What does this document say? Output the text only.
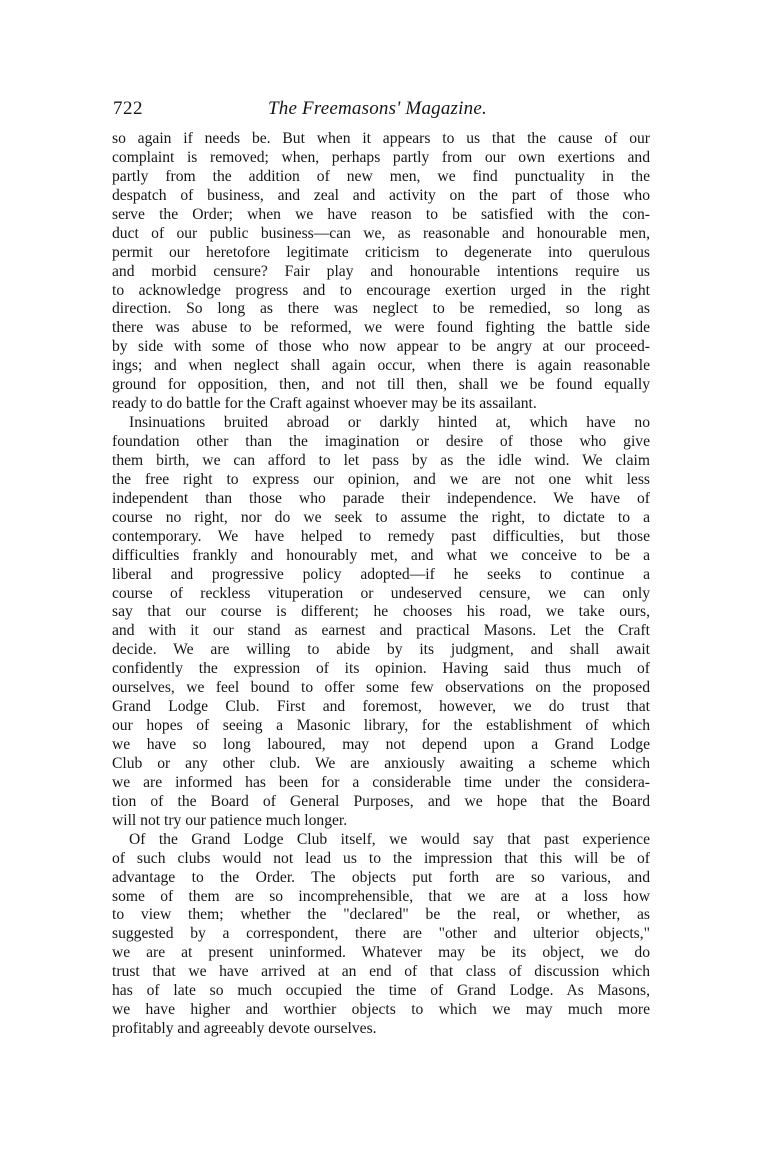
722	The Freemasons' Magazine.
so again if needs be. But when it appears to us that the cause of our
complaint is removed; when, perhaps partly from our own exertions and
partly from the addition of new men, we find punctuality in the
despatch of business, and zeal and activity on the part of those who
serve the Order; when we have reason to be satisfied with the con-
duct of our public business—can we, as reasonable and honourable men,
permit our heretofore legitimate criticism to degenerate into querulous
and morbid censure? Fair play and honourable intentions require us
to acknowledge progress and to encourage exertion urged in the right
direction. So long as there was neglect to be remedied, so long as
there was abuse to be reformed, we were found fighting the battle side
by side with some of those who now appear to be angry at our proceed-
ings; and when neglect shall again occur, when there is again reasonable
ground for opposition, then, and not till then, shall we be found equally
ready to do battle for the Craft against whoever may be its assailant.
Insinuations bruited abroad or darkly hinted at, which have no
foundation other than the imagination or desire of those who give
them birth, we can afford to let pass by as the idle wind. We claim
the free right to express our opinion, and we are not one whit less
independent than those who parade their independence. We have of
course no right, nor do we seek to assume the right, to dictate to a
contemporary. We have helped to remedy past difficulties, but those
difficulties frankly and honourably met, and what we conceive to be a
liberal and progressive policy adopted—if he seeks to continue a
course of reckless vituperation or undeserved censure, we can only
say that our course is different; he chooses his road, we take ours,
and with it our stand as earnest and practical Masons. Let the Craft
decide. We are willing to abide by its judgment, and shall await
confidently the expression of its opinion. Having said thus much of
ourselves, we feel bound to offer some few observations on the proposed
Grand Lodge Club. First and foremost, however, we do trust that
our hopes of seeing a Masonic library, for the establishment of which
we have so long laboured, may not depend upon a Grand Lodge
Club or any other club. We are anxiously awaiting a scheme which
we are informed has been for a considerable time under the considera-
tion of the Board of General Purposes, and we hope that the Board
will not try our patience much longer.
Of the Grand Lodge Club itself, we would say that past experience
of such clubs would not lead us to the impression that this will be of
advantage to the Order. The objects put forth are so various, and
some of them are so incomprehensible, that we are at a loss how
to view them; whether the "declared" be the real, or whether, as
suggested by a correspondent, there are "other and ulterior objects,"
we are at present uninformed. Whatever may be its object, we do
trust that we have arrived at an end of that class of discussion which
has of late so much occupied the time of Grand Lodge. As Masons,
we have higher and worthier objects to which we may much more
profitably and agreeably devote ourselves.
